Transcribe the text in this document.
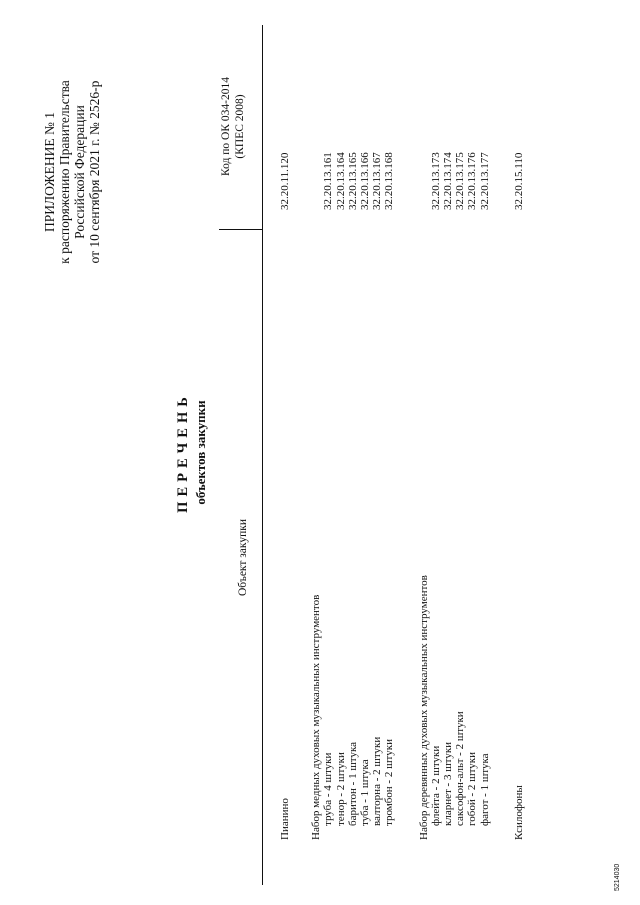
ПРИЛОЖЕНИЕ № 1 к распоряжению Правительства Российской Федерации от 10 сентября 2021 г. № 2526-р
ПЕРЕЧЕНЬ объектов закупки
Объект закупки
Код по ОК 034-2014 (КПЕС 2008)
Пианино
32.20.11.120
Набор медных духовых музыкальных инструментов труба - 4 штуки тенор - 2 штуки баритон - 1 штука туба - 1 штука валторна - 2 штуки тромбон - 2 штуки
32.20.13.161 32.20.13.164 32.20.13.165 32.20.13.166 32.20.13.167 32.20.13.168
Набор деревянных духовых музыкальных инструментов флейта - 2 штуки кларнет - 3 штуки саксофон-альт - 2 штуки гобой - 2 штуки фагот - 1 штука
32.20.13.173 32.20.13.174 32.20.13.175 32.20.13.176 32.20.13.177
Ксилофоны
32.20.15.110
5214030
